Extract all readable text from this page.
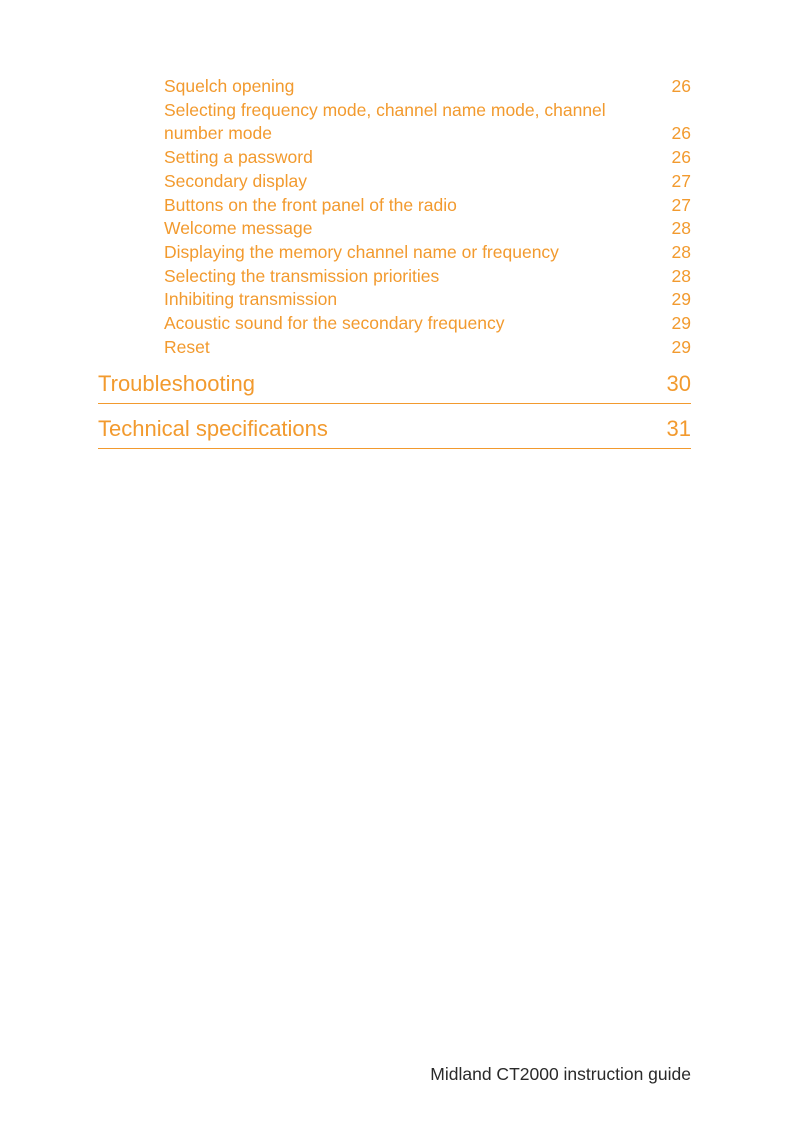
Squelch opening	26
Selecting frequency mode, channel name mode, channel number mode	26
Setting a password	26
Secondary display	27
Buttons on the front panel of the radio	27
Welcome message	28
Displaying the memory channel name or frequency	28
Selecting the transmission priorities	28
Inhibiting transmission	29
Acoustic sound for the secondary frequency	29
Reset	29
Troubleshooting	30
Technical specifications	31
Midland CT2000 instruction guide
